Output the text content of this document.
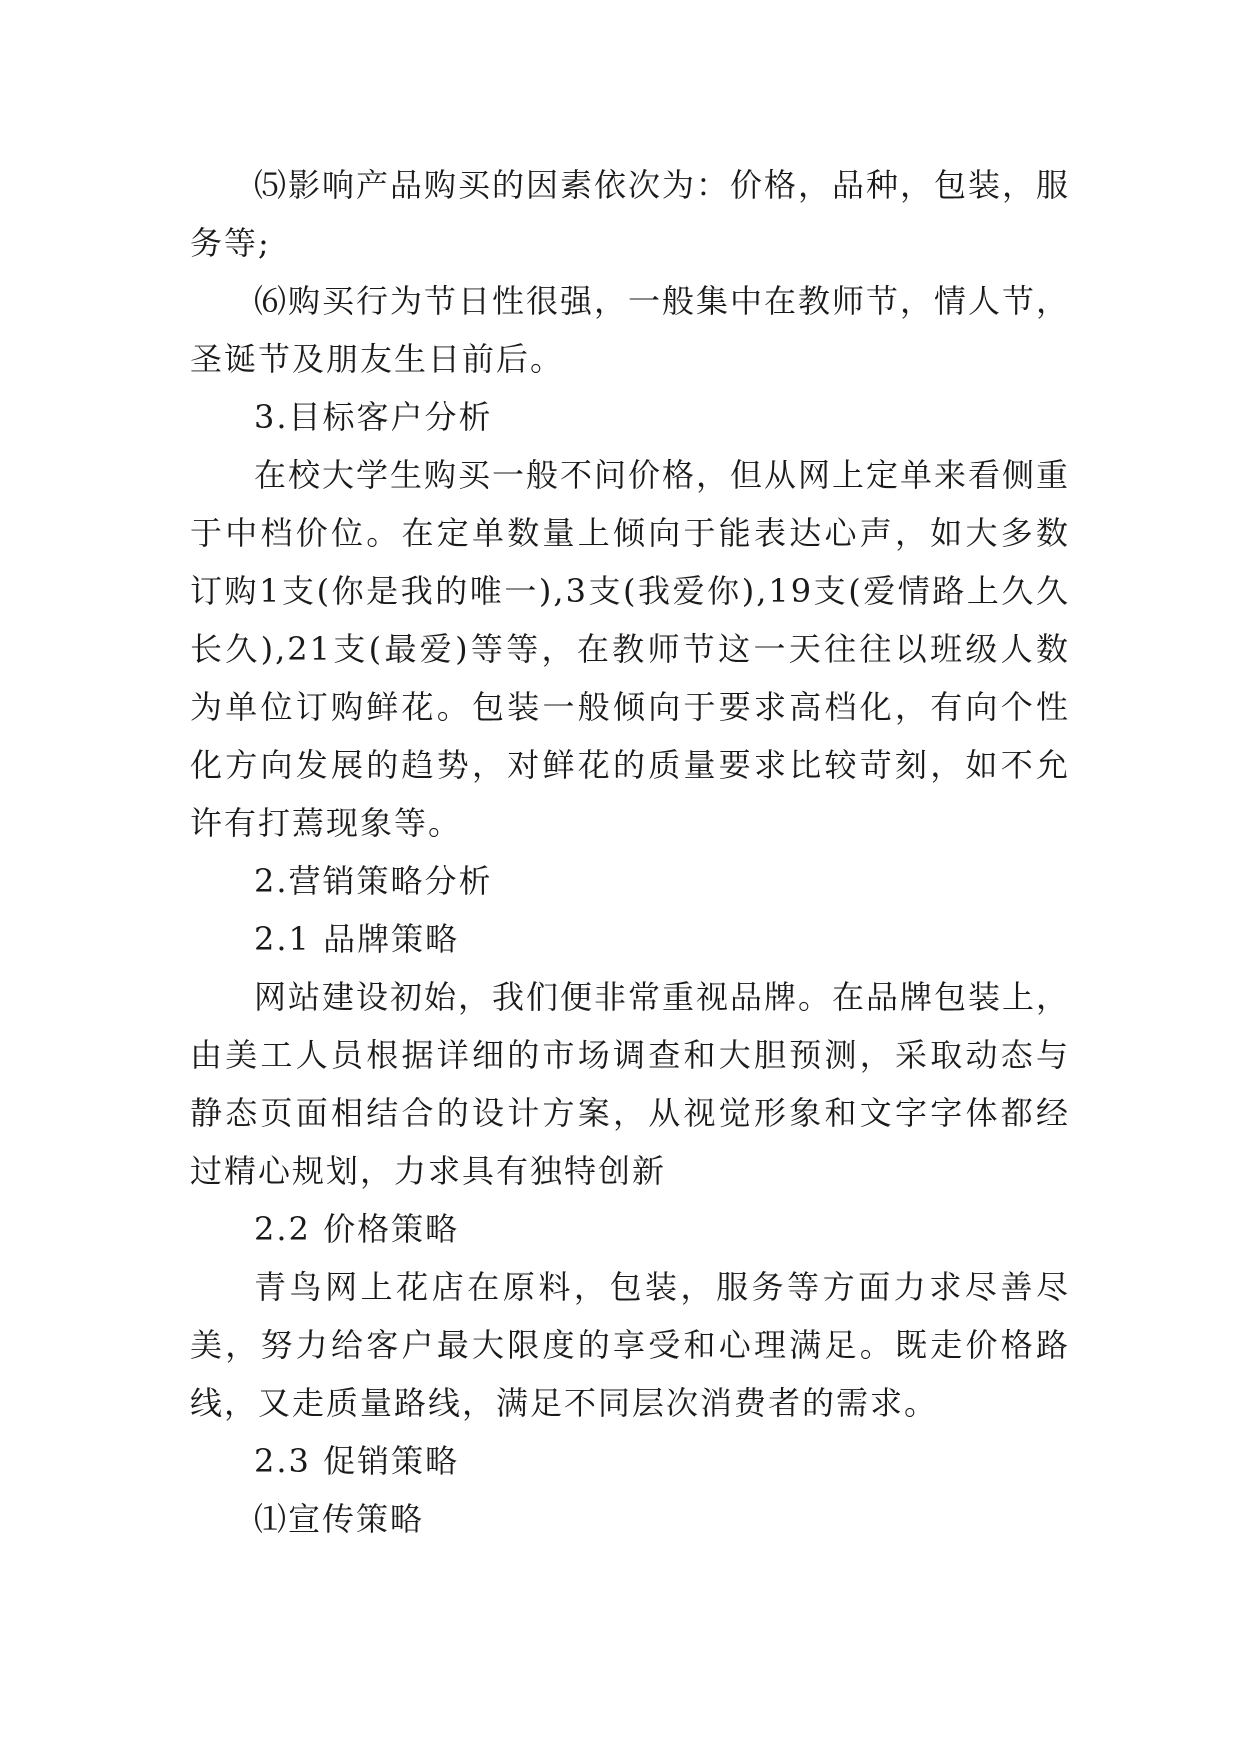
⑸影响产品购买的因素依次为：价格，品种，包装，服务等;

⑹购买行为节日性很强，一般集中在教师节，情人节，圣诞节及朋友生日前后。

3.目标客户分析

在校大学生购买一般不问价格，但从网上定单来看侧重于中档价位。在定单数量上倾向于能表达心声，如大多数订购1支(你是我的唯一),3支(我爱你),19支(爱情路上久久长久),21支(最爱)等等，在教师节这一天往往以班级人数为单位订购鲜花。包装一般倾向于要求高档化，有向个性化方向发展的趋势，对鲜花的质量要求比较苛刻，如不允许有打蔫现象等。

2.营销策略分析

2.1 品牌策略

网站建设初始，我们便非常重视品牌。在品牌包装上，由美工人员根据详细的市场调查和大胆预测，采取动态与静态页面相结合的设计方案，从视觉形象和文字字体都经过精心规划，力求具有独特创新

2.2 价格策略

青鸟网上花店在原料，包装，服务等方面力求尽善尽美，努力给客户最大限度的享受和心理满足。既走价格路线，又走质量路线，满足不同层次消费者的需求。

2.3 促销策略

⑴宣传策略
